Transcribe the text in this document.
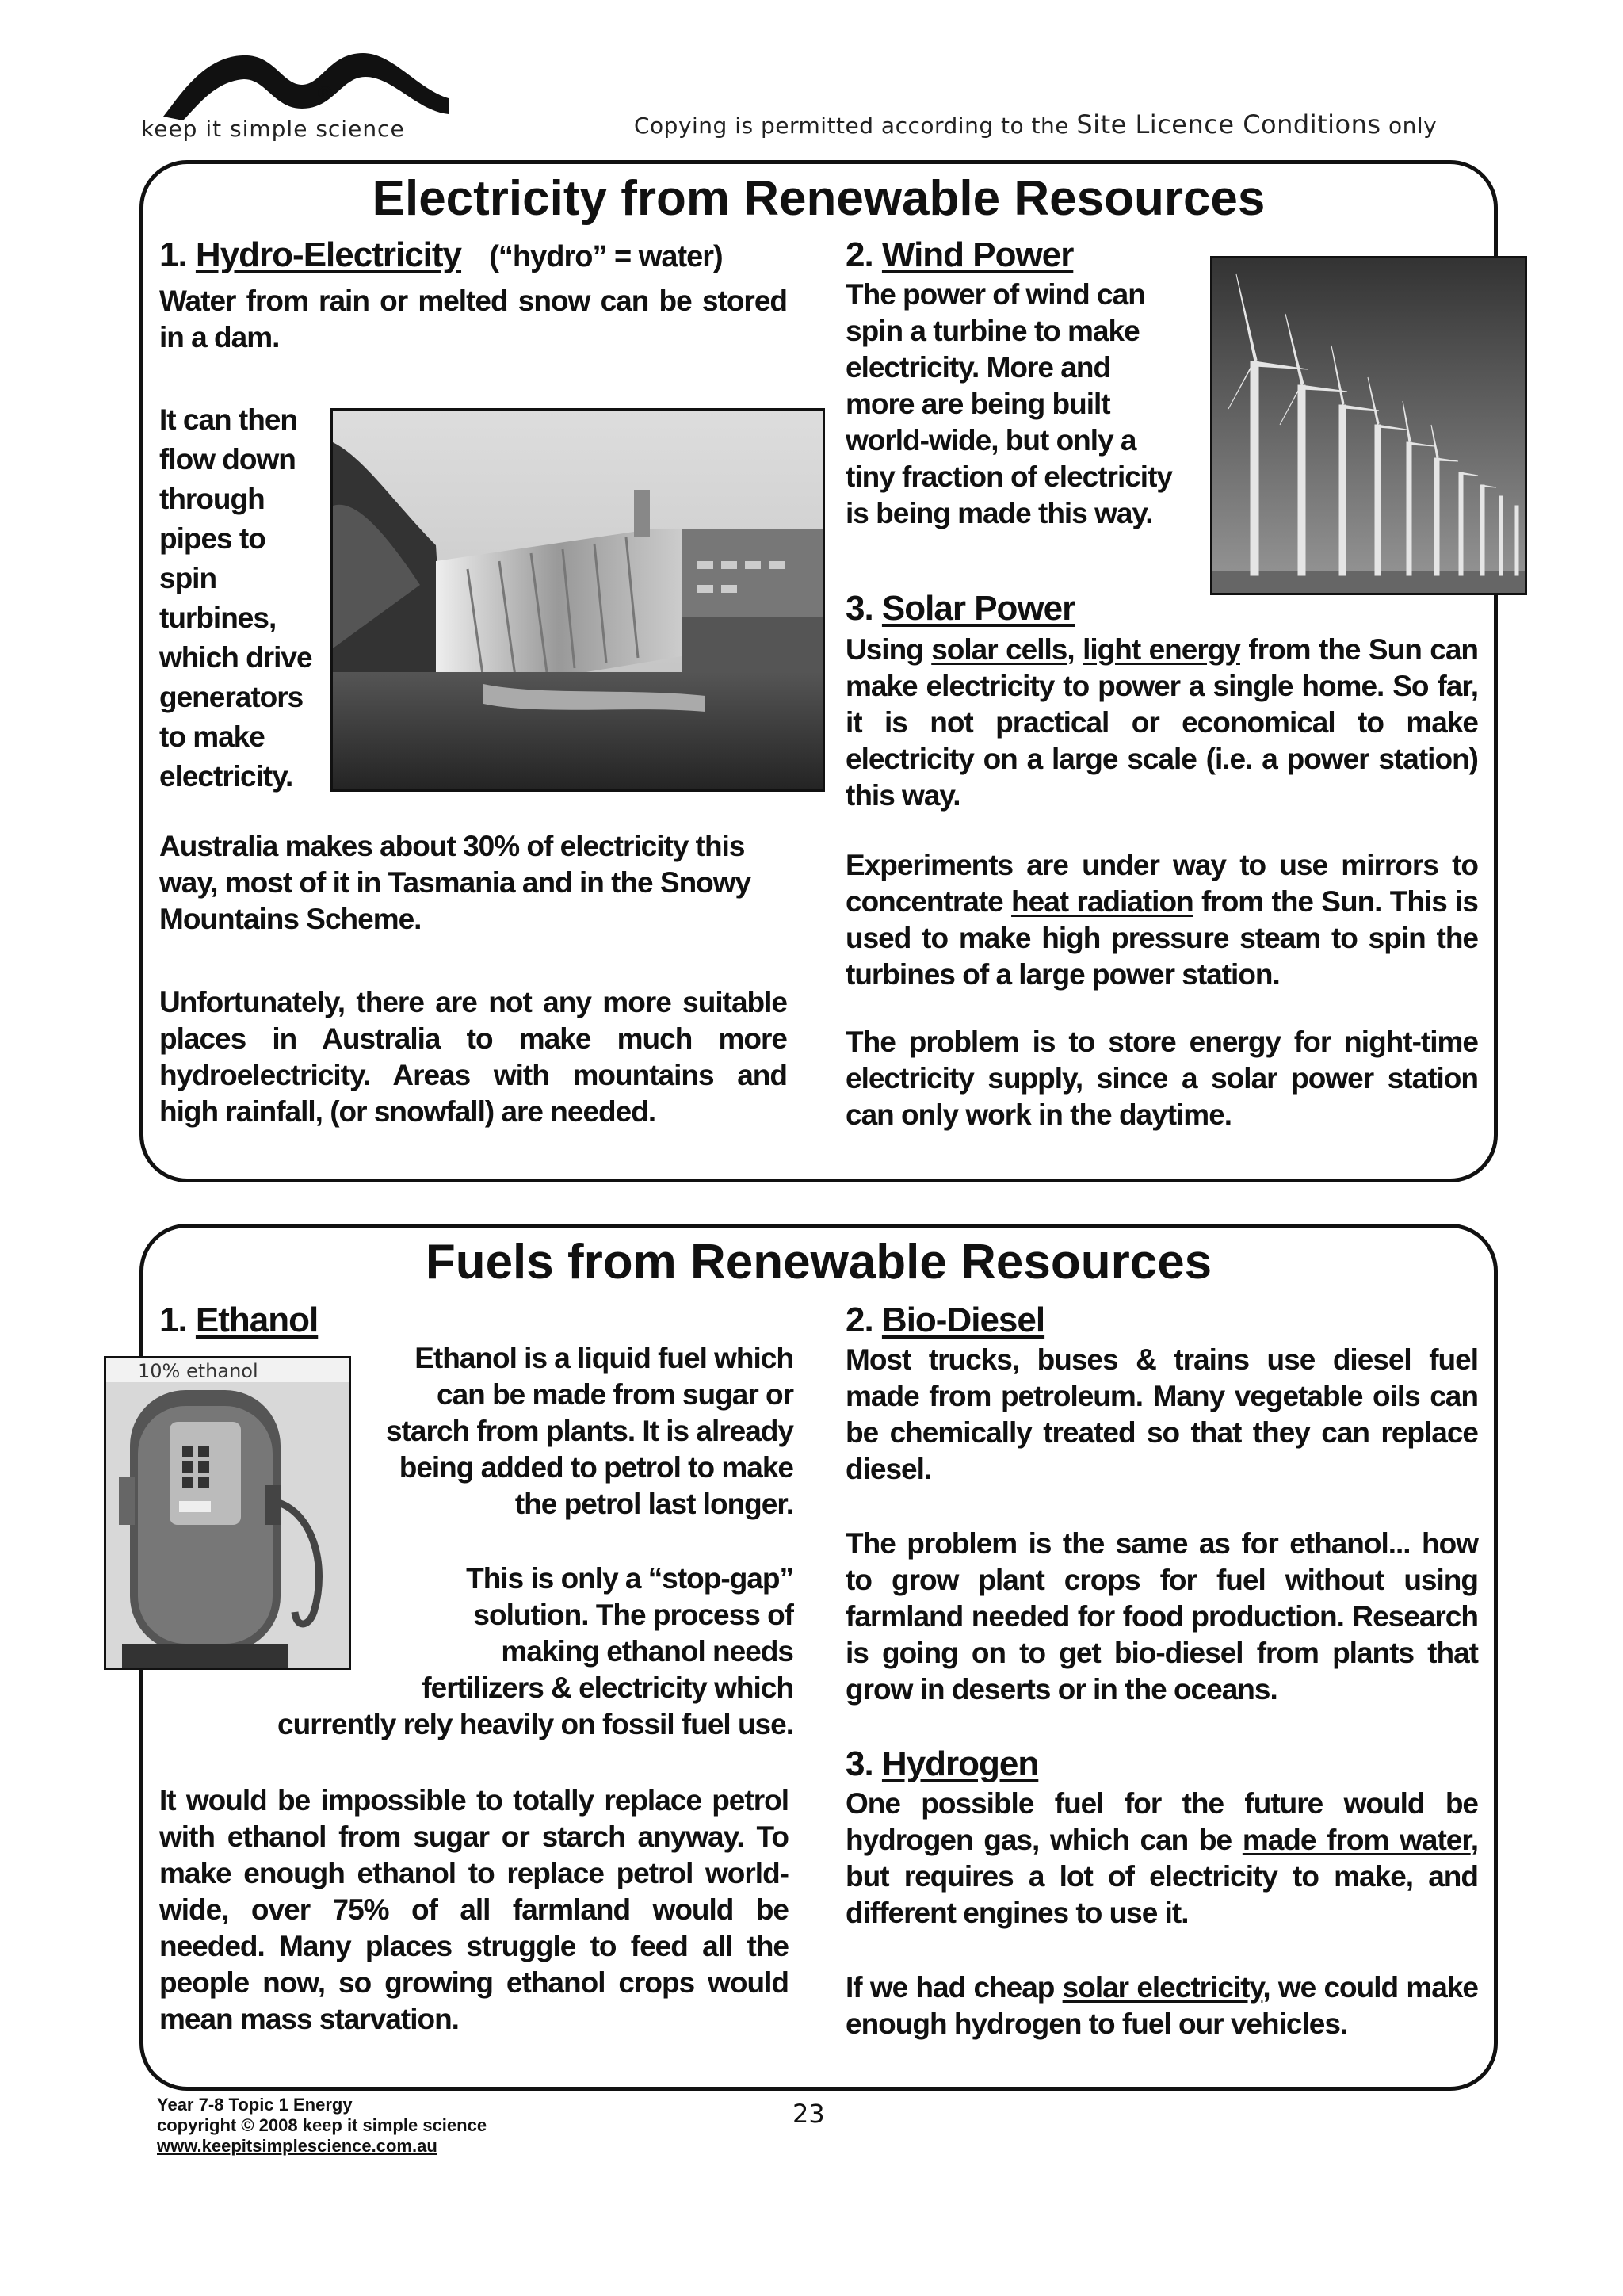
®
keep it simple science	Copying is permitted according to the Site Licence Conditions only
Electricity from Renewable Resources
1. Hydro-Electricity (“hydro” = water)
Water from rain or melted snow can be stored in a dam.
It can then
flow down
through
pipes to
spin
turbines,
which drive
generators
to make
electricity.
Australia makes about 30% of electricity this way, most of it in Tasmania and in the Snowy Mountains Scheme.
Unfortunately, there are not any more suitable places in Australia to make much more hydroelectricity. Areas with mountains and high rainfall, (or snowfall) are needed.
2. Wind Power
The power of wind can
spin a turbine to make
electricity. More and
more are being built
world-wide, but only a
tiny fraction of electricity
is being made this way.
3. Solar Power
Using solar cells, light energy from the Sun can make electricity to power a single home. So far, it is not practical or economical to make electricity on a large scale (i.e. a power station) this way.
Experiments are under way to use mirrors to concentrate heat radiation from the Sun. This is used to make high pressure steam to spin the turbines of a large power station.
The problem is to store energy for night-time electricity supply, since a solar power station can only work in the daytime.
Fuels from Renewable Resources
1. Ethanol
10% ethanol	Ethanol is a liquid fuel which
can be made from sugar or
starch from plants. It is already
being added to petrol to make
the petrol last longer.
This is only a “stop-gap”
solution. The process of
making ethanol needs
fertilizers & electricity which
currently rely heavily on fossil fuel use.
It would be impossible to totally replace petrol with ethanol from sugar or starch anyway. To make enough ethanol to replace petrol world-wide, over 75% of all farmland would be needed. Many places struggle to feed all the people now, so growing ethanol crops would mean mass starvation.
2. Bio-Diesel
Most trucks, buses & trains use diesel fuel made from petroleum. Many vegetable oils can be chemically treated so that they can replace diesel.
The problem is the same as for ethanol... how to grow plant crops for fuel without using farmland needed for food production. Research is going on to get bio-diesel from plants that grow in deserts or in the oceans.
3. Hydrogen
One possible fuel for the future would be hydrogen gas, which can be made from water, but requires a lot of electricity to make, and different engines to use it.
If we had cheap solar electricity, we could make enough hydrogen to fuel our vehicles.
Year 7-8 Topic 1 Energy
copyright © 2008 keep it simple science
www.keepitsimplescience.com.au
23
